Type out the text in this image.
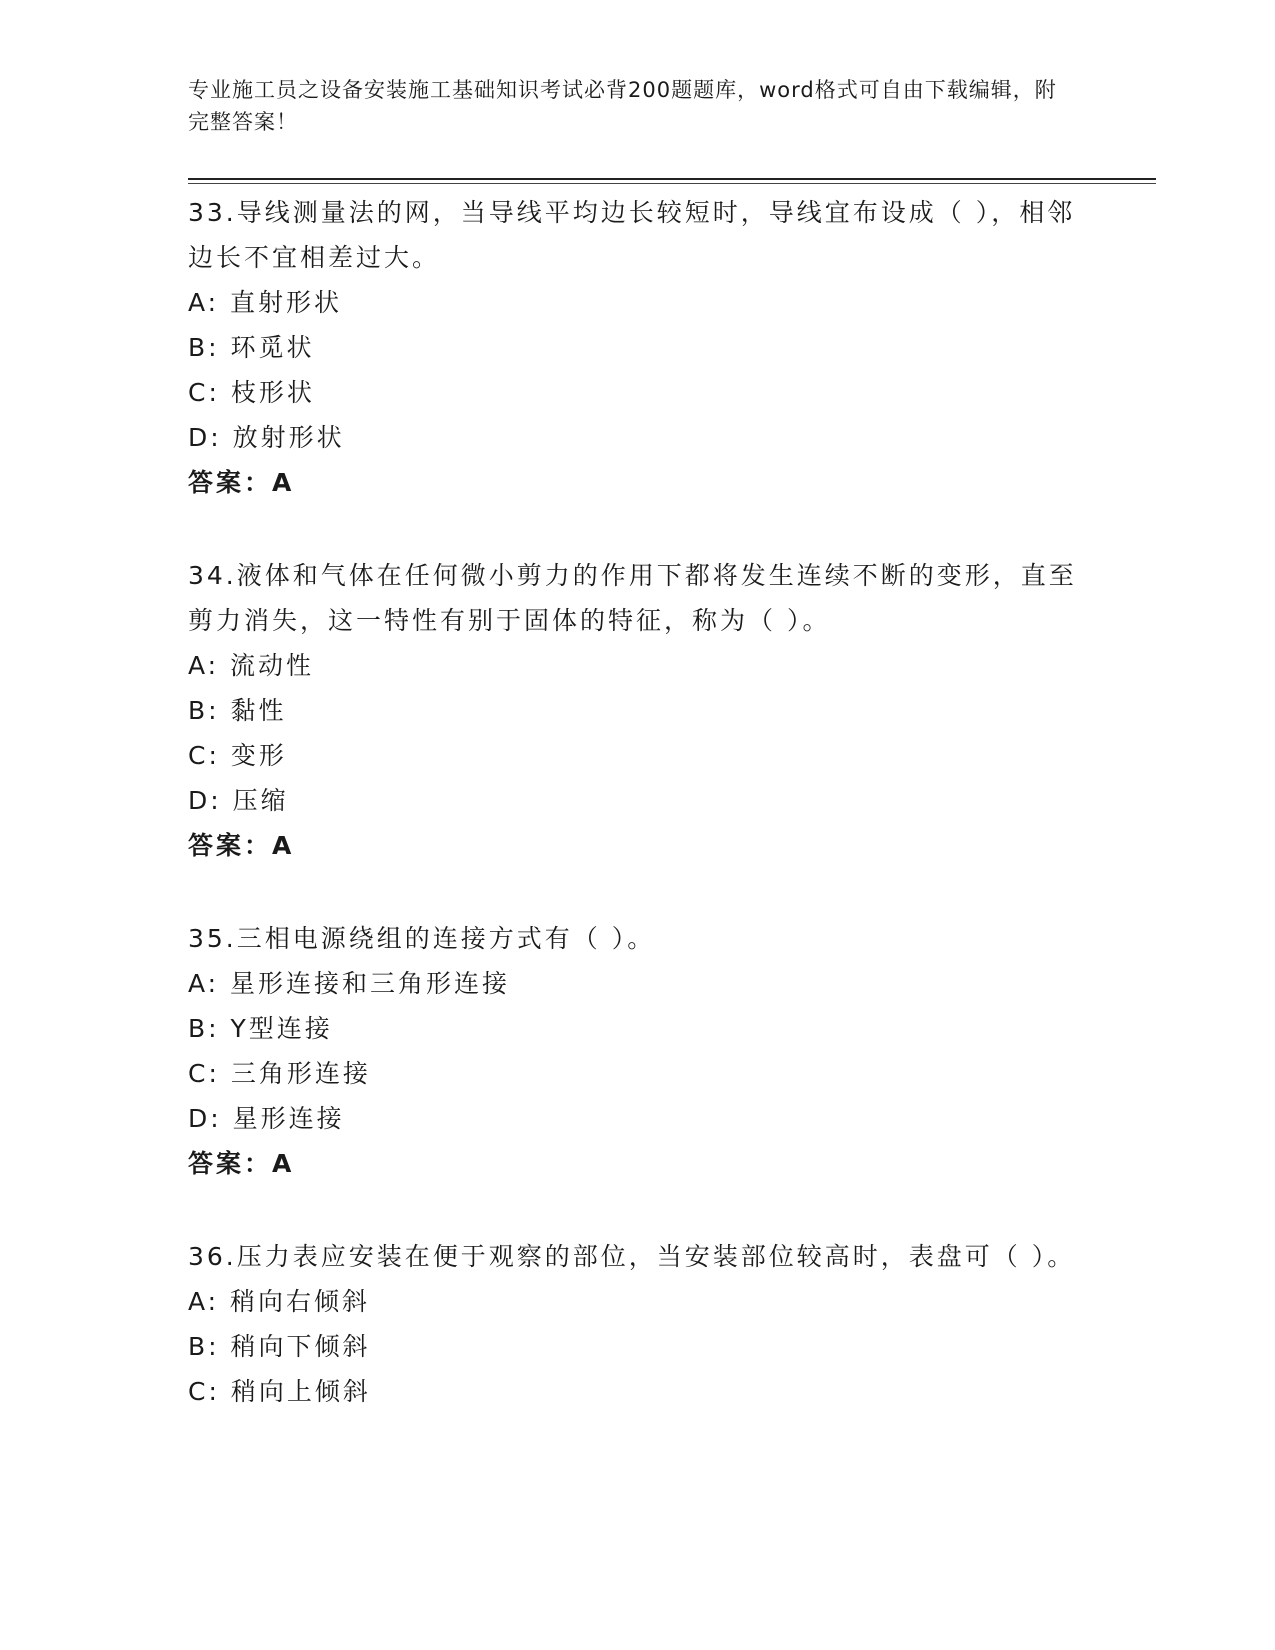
专业施工员之设备安装施工基础知识考试必背200题题库，word格式可自由下载编辑，附完整答案！
33.导线测量法的网，当导线平均边长较短时，导线宜布设成（ ），相邻边长不宜相差过大。
A: 直射形状
B: 环觅状
C: 枝形状
D: 放射形状
答案：A
34.液体和气体在任何微小剪力的作用下都将发生连续不断的变形，直至剪力消失，这一特性有别于固体的特征，称为（ ）。
A: 流动性
B: 黏性
C: 变形
D: 压缩
答案：A
35.三相电源绕组的连接方式有（ ）。
A: 星形连接和三角形连接
B: Y型连接
C: 三角形连接
D: 星形连接
答案：A
36.压力表应安装在便于观察的部位，当安装部位较高时，表盘可（ ）。
A: 稍向右倾斜
B: 稍向下倾斜
C: 稍向上倾斜
